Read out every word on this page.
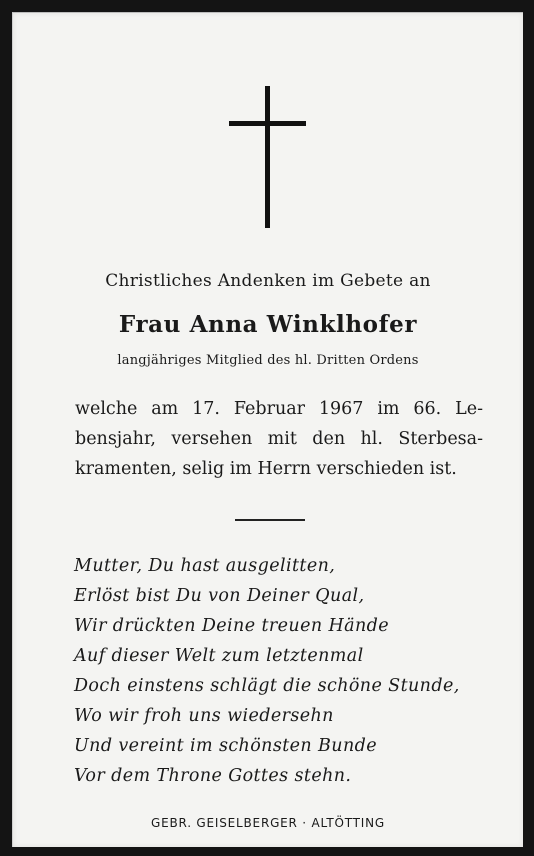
Christliches Andenken im Gebete an
Frau Anna Winklhofer
langjähriges Mitglied des hl. Dritten Ordens
welche am 17. Februar 1967 im 66. Le-
bensjahr, versehen mit den hl. Sterbesa-
kramenten, selig im Herrn verschieden ist.
Mutter, Du hast ausgelitten,
Erlöst bist Du von Deiner Qual,
Wir drückten Deine treuen Hände
Auf dieser Welt zum letztenmal
Doch einstens schlägt die schöne Stunde,
Wo wir froh uns wiedersehn
Und vereint im schönsten Bunde
Vor dem Throne Gottes stehn.
GEBR. GEISELBERGER · ALTÖTTING
